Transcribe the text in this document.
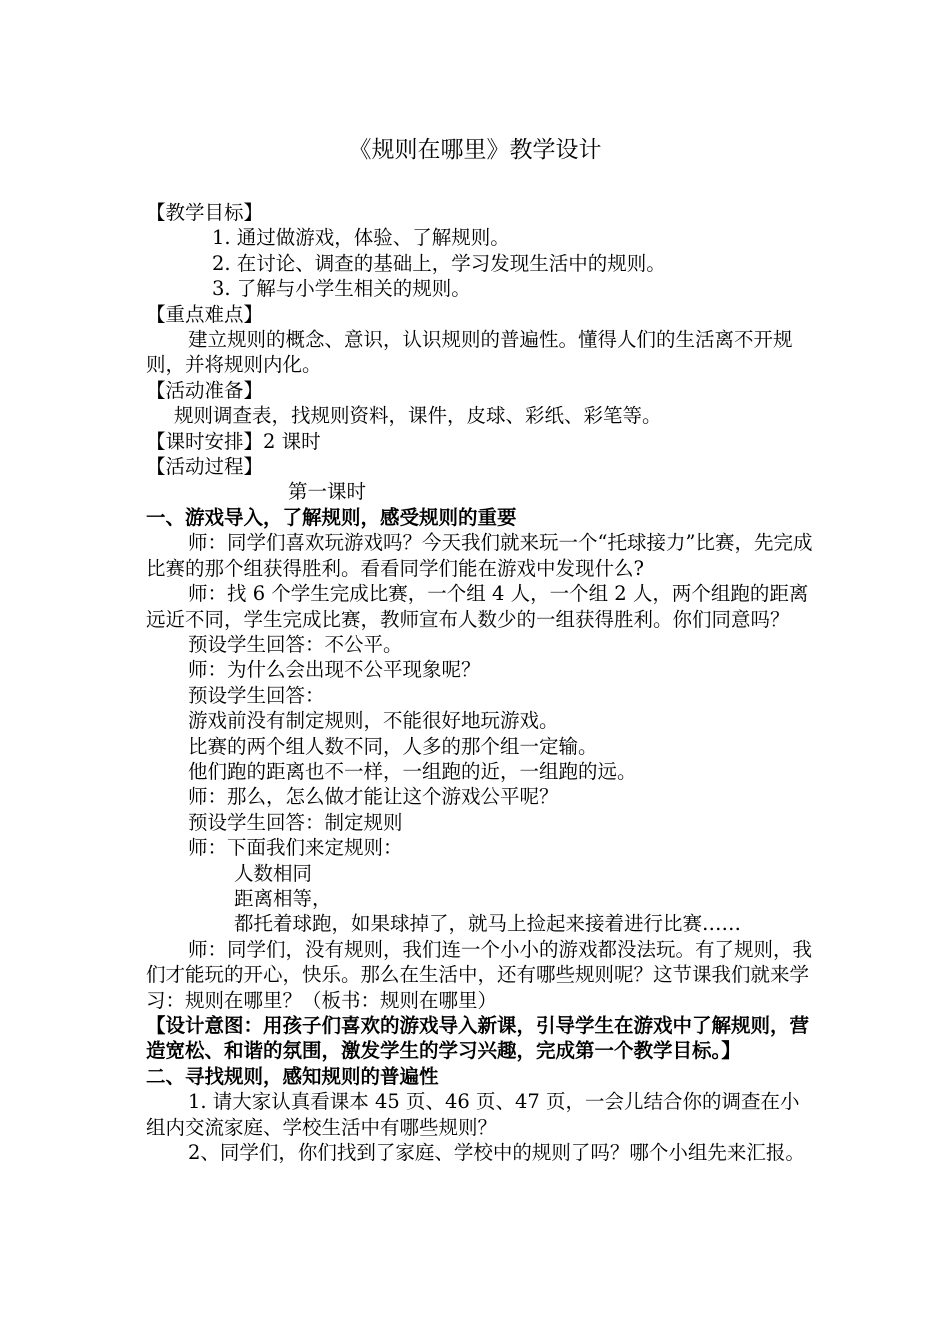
《规则在哪里》教学设计

【教学目标】

1. 通过做游戏，体验、了解规则。

2. 在讨论、调查的基础上，学习发现生活中的规则。

3. 了解与小学生相关的规则。

【重点难点】

建立规则的概念、意识，认识规则的普遍性。懂得人们的生活离不开规则，并将规则内化。

【活动准备】

规则调查表，找规则资料，课件，皮球、彩纸、彩笔等。

【课时安排】2 课时

【活动过程】

第一课时

一、游戏导入，了解规则，感受规则的重要

师：同学们喜欢玩游戏吗？今天我们就来玩一个“托球接力”比赛，先完成比赛的那个组获得胜利。看看同学们能在游戏中发现什么?

师：找 6 个学生完成比赛，一个组 4 人，一个组 2 人，两个组跑的距离远近不同，学生完成比赛，教师宣布人数少的一组获得胜利。你们同意吗？

预设学生回答：不公平。

师：为什么会出现不公平现象呢？

预设学生回答：

游戏前没有制定规则，不能很好地玩游戏。

比赛的两个组人数不同，人多的那个组一定输。

他们跑的距离也不一样，一组跑的近，一组跑的远。

师：那么，怎么做才能让这个游戏公平呢？

预设学生回答：制定规则

师：下面我们来定规则：

人数相同

距离相等，

都托着球跑，如果球掉了，就马上捡起来接着进行比赛……

师：同学们，没有规则，我们连一个小小的游戏都没法玩。有了规则，我们才能玩的开心，快乐。那么在生活中，还有哪些规则呢？这节课我们就来学习：规则在哪里？（板书：规则在哪里）

【设计意图：用孩子们喜欢的游戏导入新课，引导学生在游戏中了解规则，营造宽松、和谐的氛围，激发学生的学习兴趣，完成第一个教学目标。】

二、寻找规则，感知规则的普遍性

1. 请大家认真看课本 45 页、46 页、47 页，一会儿结合你的调查在小组内交流家庭、学校生活中有哪些规则？

2、同学们，你们找到了家庭、学校中的规则了吗？哪个小组先来汇报。
